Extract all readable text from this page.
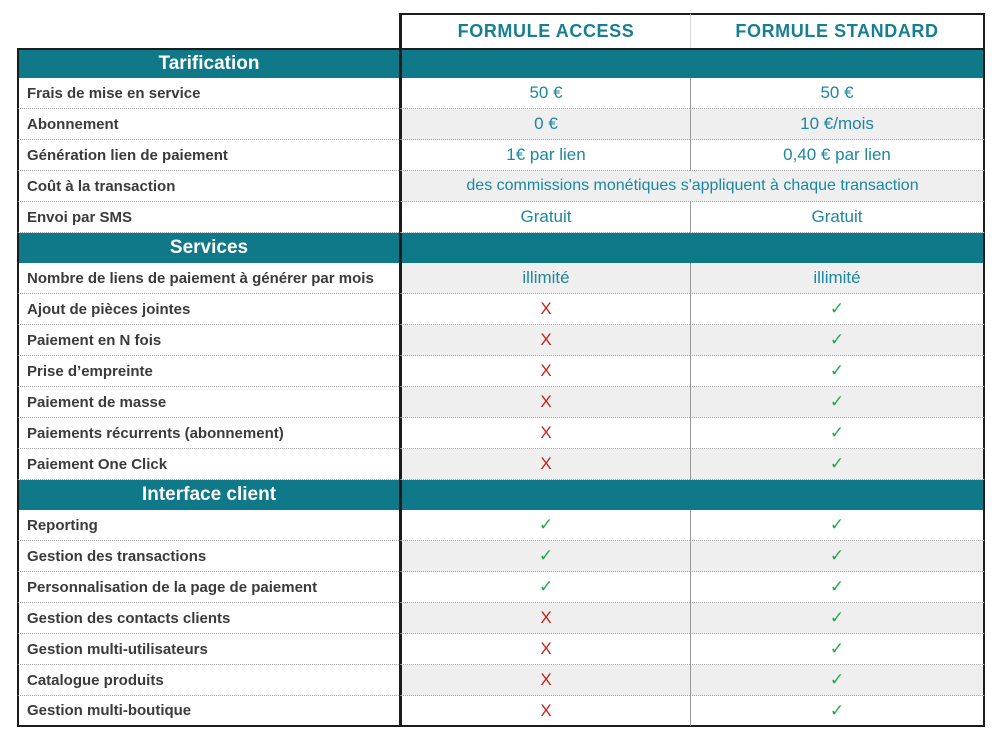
FORMULE ACCESS	FORMULE STANDARD
Tarification
Frais de mise en service	50 €	50 €
Abonnement	0 €	10 €/mois
Génération lien de paiement	1€ par lien	0,40 € par lien
Coût à la transaction	des commissions monétiques s'appliquent à chaque transaction
Envoi par SMS	Gratuit	Gratuit
Services
Nombre de liens de paiement à générer par mois	illimité	illimité
Ajout de pièces jointes	X	✓
Paiement en N fois	X	✓
Prise d’empreinte	X	✓
Paiement de masse	X	✓
Paiements récurrents (abonnement)	X	✓
Paiement One Click	X	✓
Interface client
Reporting	✓	✓
Gestion des transactions	✓	✓
Personnalisation de la page de paiement	✓	✓
Gestion des contacts clients	X	✓
Gestion multi-utilisateurs	X	✓
Catalogue produits	X	✓
Gestion multi-boutique	X	✓
